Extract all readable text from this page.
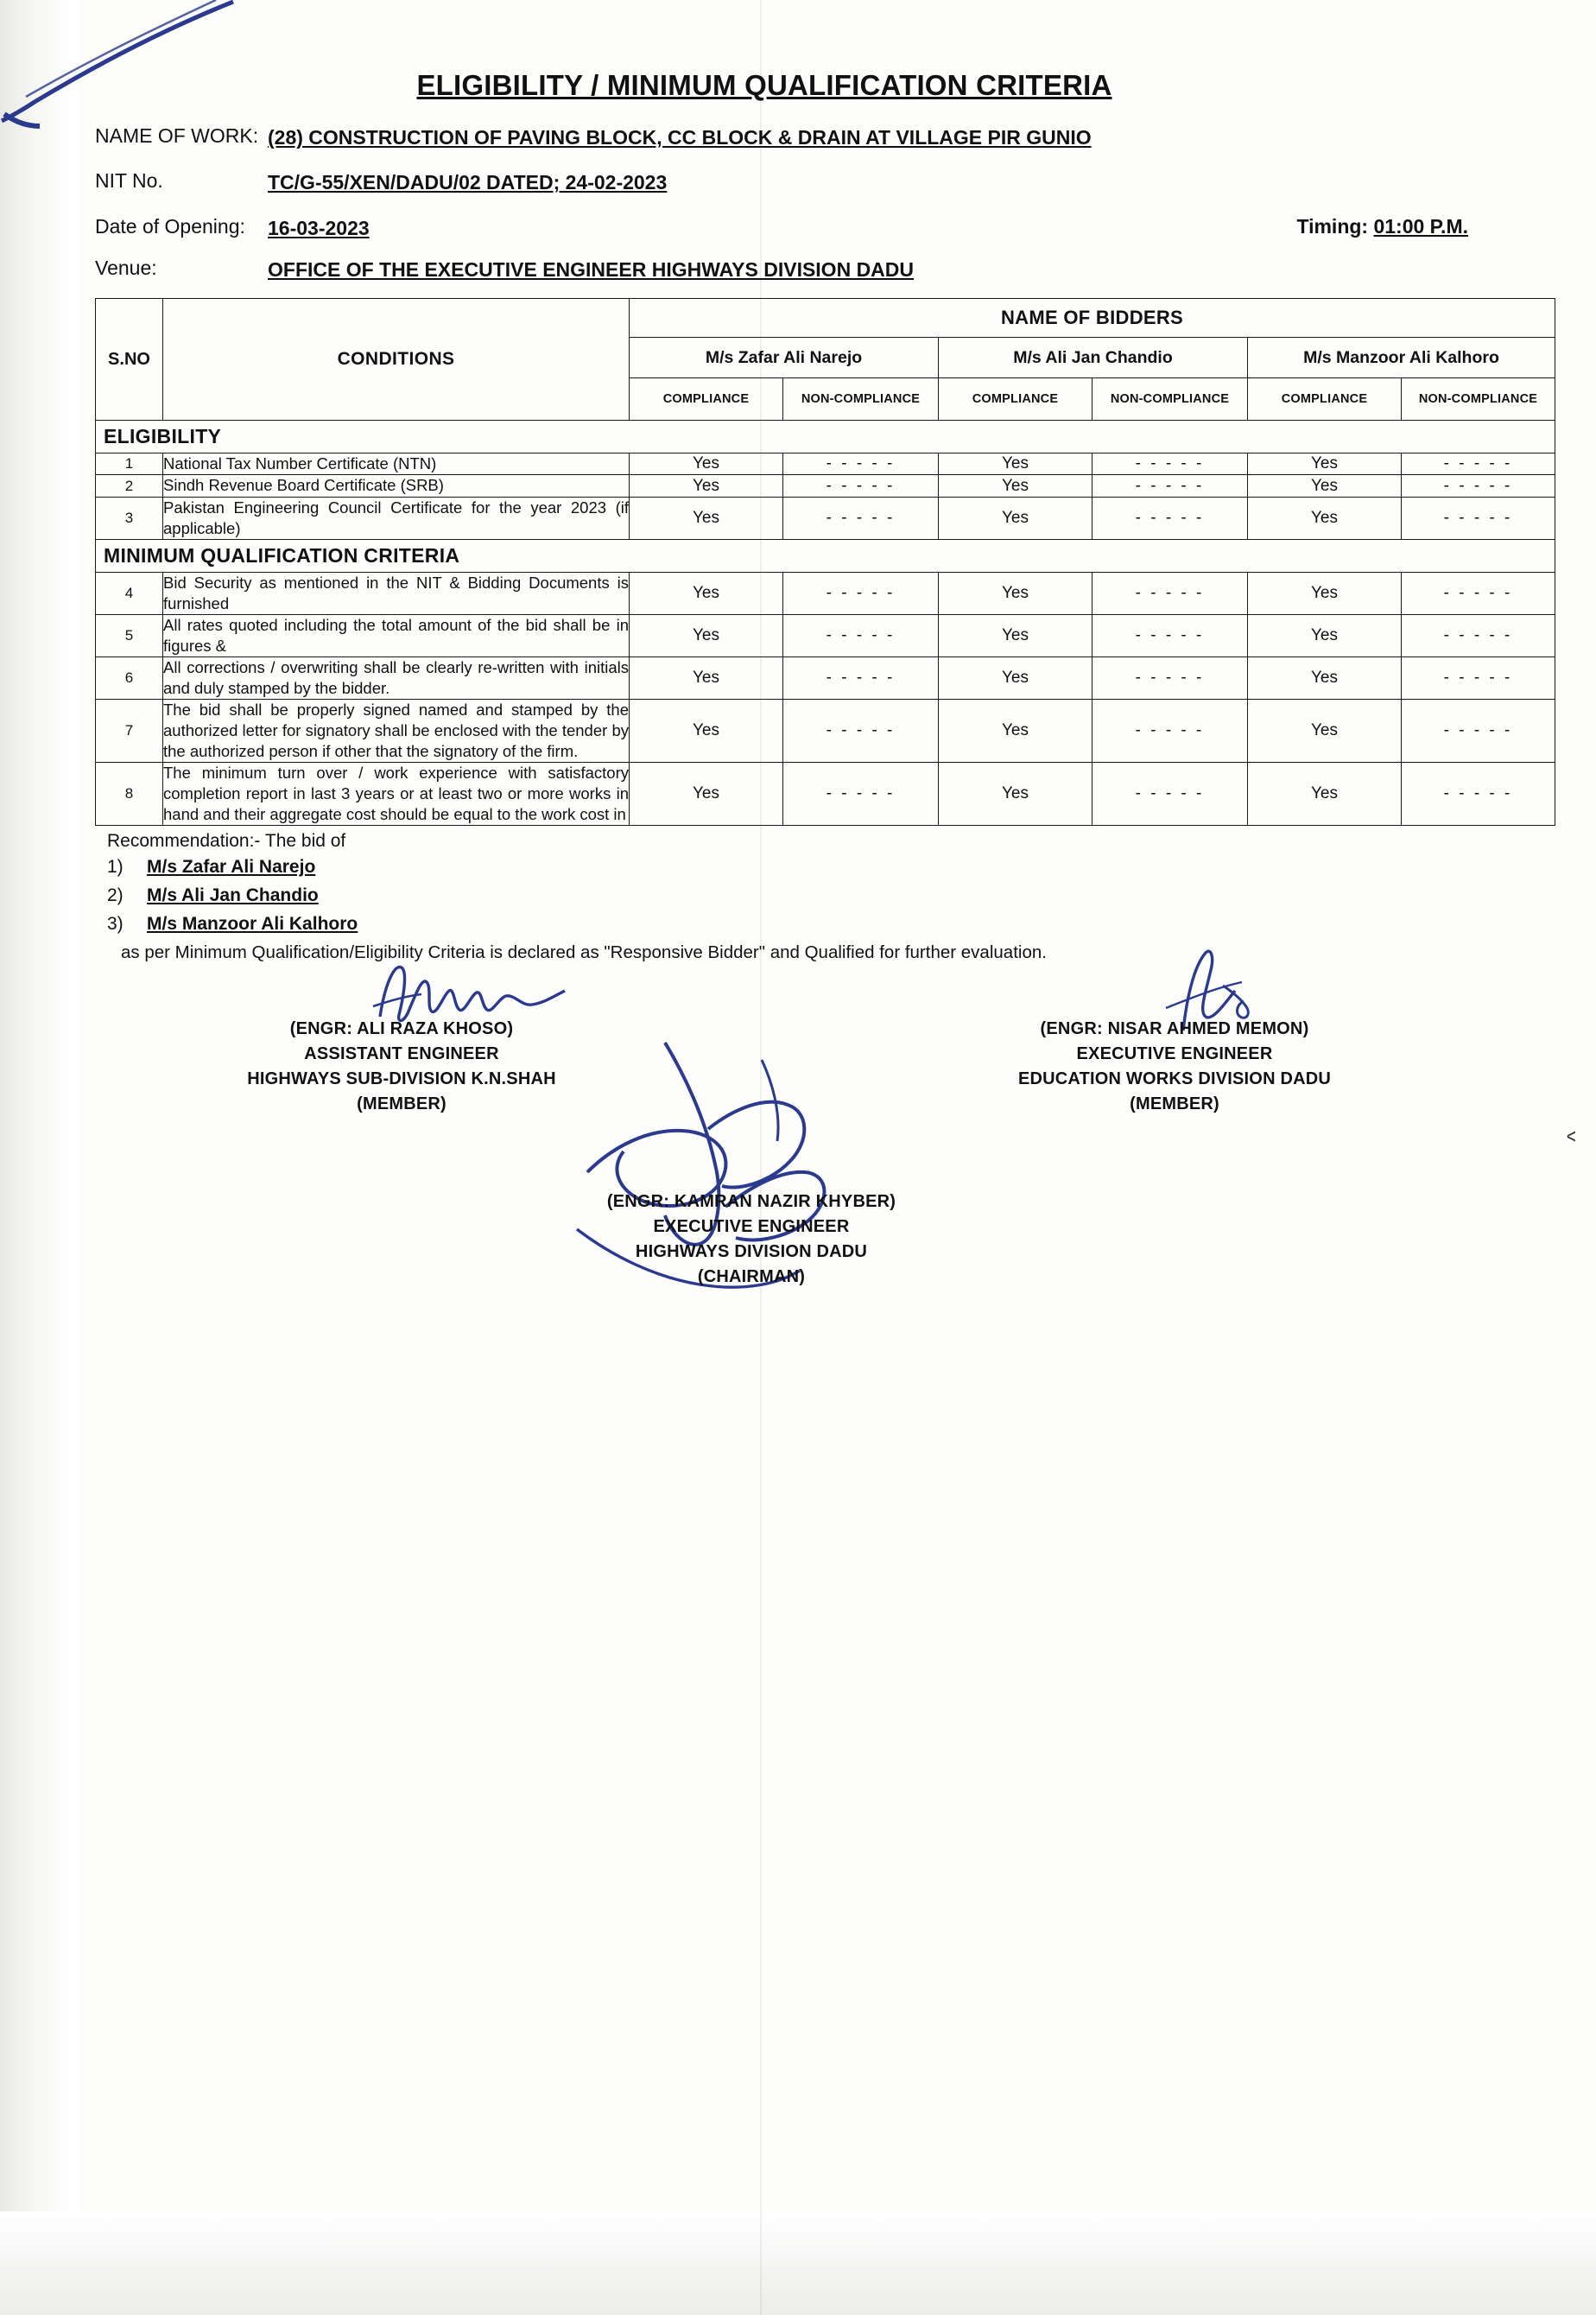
ELIGIBILITY / MINIMUM QUALIFICATION CRITERIA
NAME OF WORK: (28) CONSTRUCTION OF PAVING BLOCK, CC BLOCK & DRAIN AT VILLAGE PIR GUNIO
NIT No.	TC/G-55/XEN/DADU/02 DATED; 24-02-2023
Date of Opening:	16-03-2023	Timing: 01:00 P.M.
Venue:	OFFICE OF THE EXECUTIVE ENGINEER HIGHWAYS DIVISION DADU
S.NO	CONDITIONS	NAME OF BIDDERS					
		M/s Zafar Ali Narejo		M/s Ali Jan Chandio		M/s Manzoor Ali Kalhoro	
		COMPLIANCE	NON-COMPLIANCE	COMPLIANCE	NON-COMPLIANCE	COMPLIANCE	NON-COMPLIANCE
ELIGIBILITY							
1	National Tax Number Certificate (NTN)	Yes	- - - - -	Yes	- - - - -	Yes	- - - - -
2	Sindh Revenue Board Certificate (SRB)	Yes	- - - - -	Yes	- - - - -	Yes	- - - - -
3	Pakistan Engineering Council Certificate for the year 2023 (if applicable)	Yes	- - - - -	Yes	- - - - -	Yes	- - - - -
MINIMUM QUALIFICATION CRITERIA							
4	Bid Security as mentioned in the NIT & Bidding Documents is furnished	Yes	- - - - -	Yes	- - - - -	Yes	- - - - -
5	All rates quoted including the total amount of the bid shall be in figures &	Yes	- - - - -	Yes	- - - - -	Yes	- - - - -
6	All corrections / overwriting shall be clearly re-written with initials and duly stamped by the bidder.	Yes	- - - - -	Yes	- - - - -	Yes	- - - - -
7	The bid shall be properly signed named and stamped by the authorized letter for signatory shall be enclosed with the tender by the authorized person if other that the signatory of the firm.	Yes	- - - - -	Yes	- - - - -	Yes	- - - - -
8	The minimum turn over / work experience with satisfactory completion report in last 3 years or at least two or more works in hand and their aggregate cost should be equal to the work cost in	Yes	- - - - -	Yes	- - - - -	Yes	- - - - -
Recommendation:- The bid of
1)	M/s Zafar Ali Narejo
2)	M/s Ali Jan Chandio
3)	M/s Manzoor Ali Kalhoro
as per Minimum Qualification/Eligibility Criteria is declared as "Responsive Bidder" and Qualified for further evaluation.
(ENGR: ALI RAZA KHOSO)
ASSISTANT ENGINEER
HIGHWAYS SUB-DIVISION K.N.SHAH
(MEMBER)
(ENGR: NISAR AHMED MEMON)
EXECUTIVE ENGINEER
EDUCATION WORKS DIVISION DADU
(MEMBER)
(ENGR: KAMRAN NAZIR KHYBER)
EXECUTIVE ENGINEER
HIGHWAYS DIVISION DADU
(CHAIRMAN)
^
